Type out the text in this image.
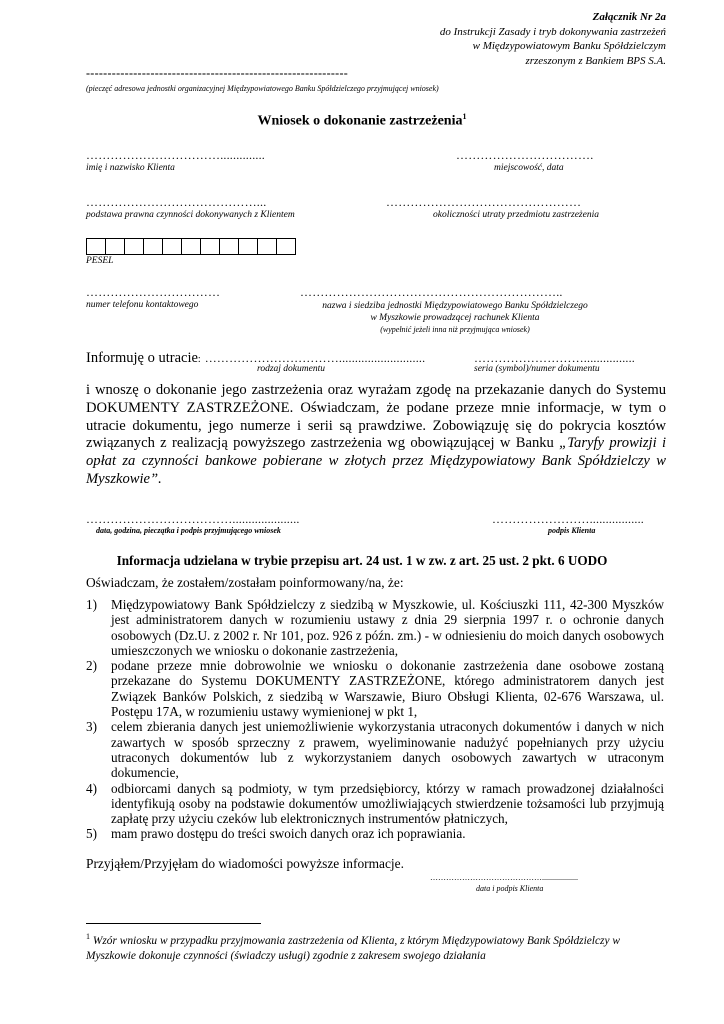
Załącznik Nr 2a
do Instrukcji Zasady i tryb dokonywania zastrzeżeń
w Międzypowiatowym Banku Spółdzielczym
zrzeszonym z Bankiem BPS S.A.
-------------------------------------------------------------
(pieczęć adresowa jednostki organizacyjnej Międzypowiatowego Banku Spółdzielczego przyjmującej wniosek)
Wniosek o dokonanie zastrzeżenia$^1$
……………………………..............
imię i nazwisko Klienta
…………………………….
miejscowość, data
……………………………………...
podstawa prawna czynności dokonywanych z Klientem
…………………………………………
okoliczności utraty przedmiotu zastrzeżenia
PESEL
……………………………
numer telefonu kontaktowego
………………………………………………………..
nazwa i siedziba jednostki Międzypowiatowego Banku Spółdzielczego
w Myszkowie prowadzącej rachunek Klienta
(wypełnić jeżeli inna niż przyjmująca wniosek)
Informuję o utracie: ……………………………...........................
rodzaj dokumentu
………………………................
seria (symbol)/numer dokumentu
i wnoszę o dokonanie jego zastrzeżenia oraz wyrażam zgodę na przekazanie danych do Systemu DOKUMENTY ZASTRZEŻONE. Oświadczam, że podane przeze mnie informacje, w tym o utracie dokumentu, jego numerze i serii są prawdziwe. Zobowiązuję się do pokrycia kosztów związanych z realizacją powyższego zastrzeżenia wg obowiązującej w Banku „Taryfy prowizji i opłat za czynności bankowe pobierane w złotych przez Międzypowiatowy Bank Spółdzielczy w Myszkowie”.
……………………………….....................
data, godzina, pieczątka i podpis przyjmującego wniosek
…………………….................
podpis Klienta
Informacja udzielana w trybie przepisu art. 24 ust. 1 w zw. z art. 25 ust. 2 pkt. 6 UODO
Oświadczam, że zostałem/zostałam poinformowany/na, że:
1) Międzypowiatowy Bank Spółdzielczy z siedzibą w Myszkowie, ul. Kościuszki 111, 42-300 Myszków jest administratorem danych w rozumieniu ustawy z dnia 29 sierpnia 1997 r. o ochronie danych osobowych (Dz.U. z 2002 r. Nr 101, poz. 926 z późn. zm.) - w odniesieniu do moich danych osobowych umieszczonych we wniosku o dokonanie zastrzeżenia,
2) podane przeze mnie dobrowolnie we wniosku o dokonanie zastrzeżenia dane osobowe zostaną przekazane do Systemu DOKUMENTY ZASTRZEŻONE, którego administratorem danych jest Związek Banków Polskich, z siedzibą w Warszawie, Biuro Obsługi Klienta, 02-676 Warszawa, ul. Postępu 17A, w rozumieniu ustawy wymienionej w pkt 1,
3) celem zbierania danych jest uniemożliwienie wykorzystania utraconych dokumentów i danych w nich zawartych w sposób sprzeczny z prawem, wyeliminowanie nadużyć popełnianych przy użyciu utraconych dokumentów lub z wykorzystaniem danych osobowych zawartych w utraconym dokumencie,
4) odbiorcami danych są podmioty, w tym przedsiębiorcy, którzy w ramach prowadzonej działalności identyfikują osoby na podstawie dokumentów umożliwiających stwierdzenie tożsamości lub przyjmują zapłatę przy użyciu czeków lub elektronicznych instrumentów płatniczych,
5) mam prawo dostępu do treści swoich danych oraz ich poprawiania.
Przyjąłem/Przyjęłam do wiadomości powyższe informacje.
……………………………………..................
data i podpis Klienta
$^1$ Wzór wniosku w przypadku przyjmowania zastrzeżenia od Klienta, z którym Międzypowiatowy Bank Spółdzielczy w Myszkowie dokonuje czynności (świadczy usługi) zgodnie z zakresem swojego działania
